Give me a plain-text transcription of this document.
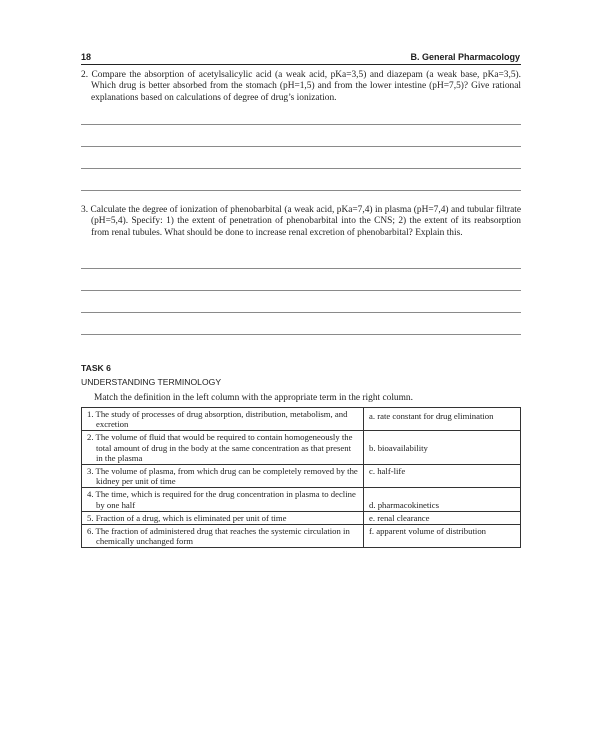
18	B. General Pharmacology
2. Compare the absorption of acetylsalicylic acid (a weak acid, pKa=3,5) and diazepam (a weak base, pKa=3,5). Which drug is better absorbed from the stomach (pH=1,5) and from the lower intestine (pH=7,5)? Give rational explanations based on calculations of degree of drug’s ionization.
3. Calculate the degree of ionization of phenobarbital (a weak acid, pKa=7,4) in plasma (pH=7,4) and tubular filtrate (pH=5,4). Specify: 1) the extent of penetration of phenobarbital into the CNS; 2) the extent of its reabsorption from renal tubules. What should be done to increase renal excretion of phenobarbital? Explain this.
TASK 6
UNDERSTANDING TERMINOLOGY
Match the definition in the left column with the appropriate term in the right column.
1. The study of processes of drug absorption, distribution, metabolism, and excretion	a. rate constant for drug elimination

2. The volume of fluid that would be required to contain homogeneously the total amount of drug in the body at the same concentration as that present in the plasma	b. bioavailability

3. The volume of plasma, from which drug can be completely removed by the kidney per unit of time	c. half-life

4. The time, which is required for the drug concentration in plasma to decline by one half	d. pharmacokinetics

5. Fraction of a drug, which is eliminated per unit of time	e. renal clearance

6. The fraction of administered drug that reaches the systemic circulation in chemically unchanged form	f. apparent volume of distribution
